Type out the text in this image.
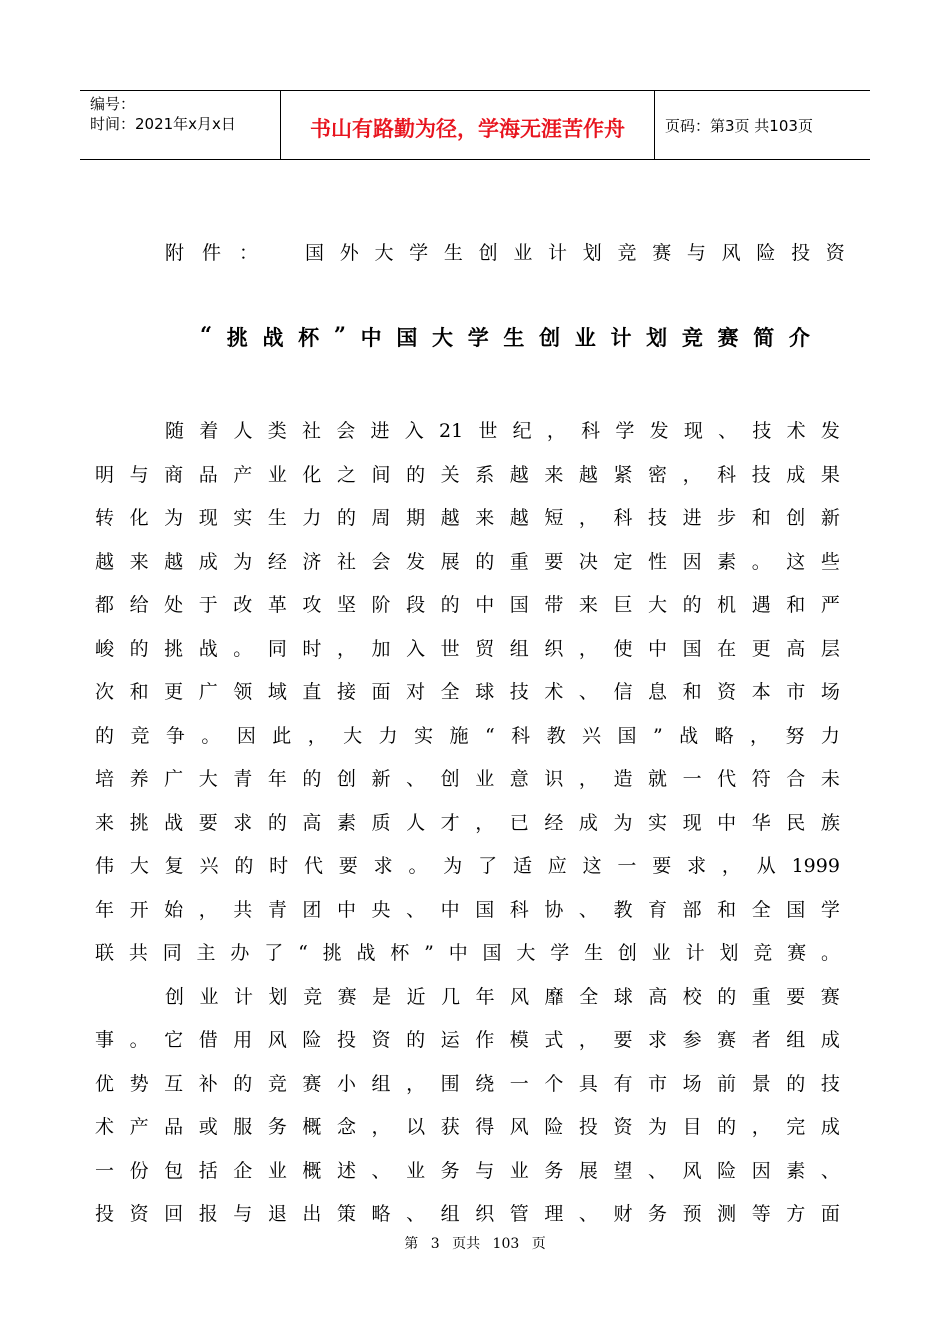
编号：
时间：2021年x月x日	书山有路勤为径，学海无涯苦作舟	页码：第3页 共103页
附件：	国 外 大 学 生 创 业 计 划 竞 赛 与 风 险 投 资
“ 挑 战 杯 ” 中 国 大 学 生 创 业 计 划 竞 赛 简 介
随 着 人 类 社 会 进 入 21 世 纪 ， 科 学 发 现 、 技 术 发
明 与 商 品 产 业 化 之 间 的 关 系 越 来 越 紧 密 ， 科 技 成 果
转 化 为 现 实 生 力 的 周 期 越 来 越 短 ， 科 技 进 步 和 创 新
越 来 越 成 为 经 济 社 会 发 展 的 重 要 决 定 性 因 素 。 这 些
都 给 处 于 改 革 攻 坚 阶 段 的 中 国 带 来 巨 大 的 机 遇 和 严
峻 的 挑 战 。 同 时 ， 加 入 世 贸 组 织 ， 使 中 国 在 更 高 层
次 和 更 广 领 域 直 接 面 对 全 球 技 术 、 信 息 和 资 本 市 场
的 竞 争 。 因 此 ， 大 力 实 施 “ 科 教 兴 国 ” 战 略 ， 努 力
培 养 广 大 青 年 的 创 新 、 创 业 意 识 ， 造 就 一 代 符 合 未
来 挑 战 要 求 的 高 素 质 人 才 ， 已 经 成 为 实 现 中 华 民 族
伟 大 复 兴 的 时 代 要 求 。 为 了 适 应 这 一 要 求 ， 从 1999
年 开 始 ， 共 青 团 中 央 、 中 国 科 协 、 教 育 部 和 全 国 学
联 共 同 主 办 了 “ 挑 战 杯 ” 中 国 大 学 生 创 业 计 划 竞 赛 。
创 业 计 划 竞 赛 是 近 几 年 风 靡 全 球 高 校 的 重 要 赛
事 。 它 借 用 风 险 投 资 的 运 作 模 式 ， 要 求 参 赛 者 组 成
优 势 互 补 的 竞 赛 小 组 ， 围 绕 一 个 具 有 市 场 前 景 的 技
术 产 品 或 服 务 概 念 ， 以 获 得 风 险 投 资 为 目 的 ， 完 成
一 份 包 括 企 业 概 述 、 业 务 与 业 务 展 望 、 风 险 因 素 、
投 资 回 报 与 退 出 策 略 、 组 织 管 理 、 财 务 预 测 等 方 面
第 3 页共 103 页
